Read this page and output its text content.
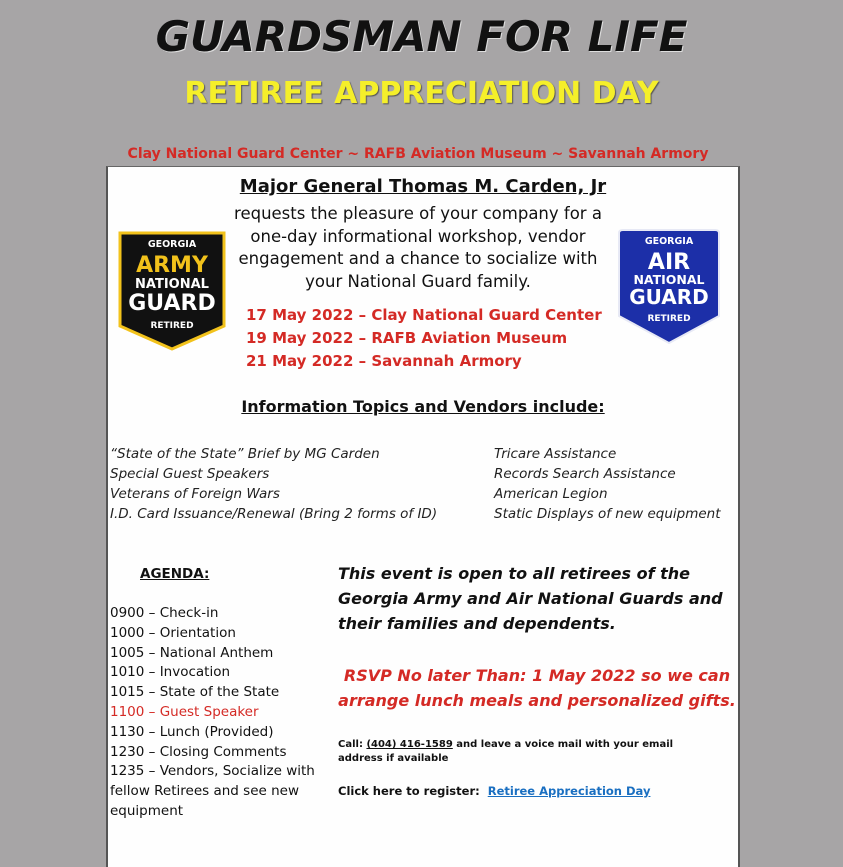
GUARDSMAN FOR LIFE
RETIREE APPRECIATION DAY
Clay National Guard Center ~ RAFB Aviation Museum ~ Savannah Armory
GEORGIA
ARMY
NATIONAL
GUARD
RETIRED
GEORGIA
AIR
NATIONAL
GUARD
RETIRED
Major General Thomas M. Carden, Jr
requests the pleasure of your company for a
one-day informational workshop, vendor
engagement and a chance to socialize with
your National Guard family.
17 May 2022 – Clay National Guard Center
19 May 2022 – RAFB Aviation Museum
21 May 2022 – Savannah Armory
Information Topics and Vendors include:
“State of the State” Brief by MG Carden
Special Guest Speakers
Veterans of Foreign Wars
I.D. Card Issuance/Renewal (Bring 2 forms of ID)
Tricare Assistance
Records Search Assistance
American Legion
Static Displays of new equipment
AGENDA:
0900 – Check-in
1000 – Orientation
1005 – National Anthem
1010 – Invocation
1015 – State of the State
1100 – Guest Speaker
1130 – Lunch (Provided)
1230 – Closing Comments
1235 – Vendors, Socialize with fellow Retirees and see new equipment
This event is open to all retirees of the Georgia Army and Air National Guards and their families and dependents.
RSVP No later Than: 1 May 2022 so we can arrange lunch meals and personalized gifts.
Call: (404) 416-1589 and leave a voice mail with your email address if available
Click here to register: Retiree Appreciation Day
